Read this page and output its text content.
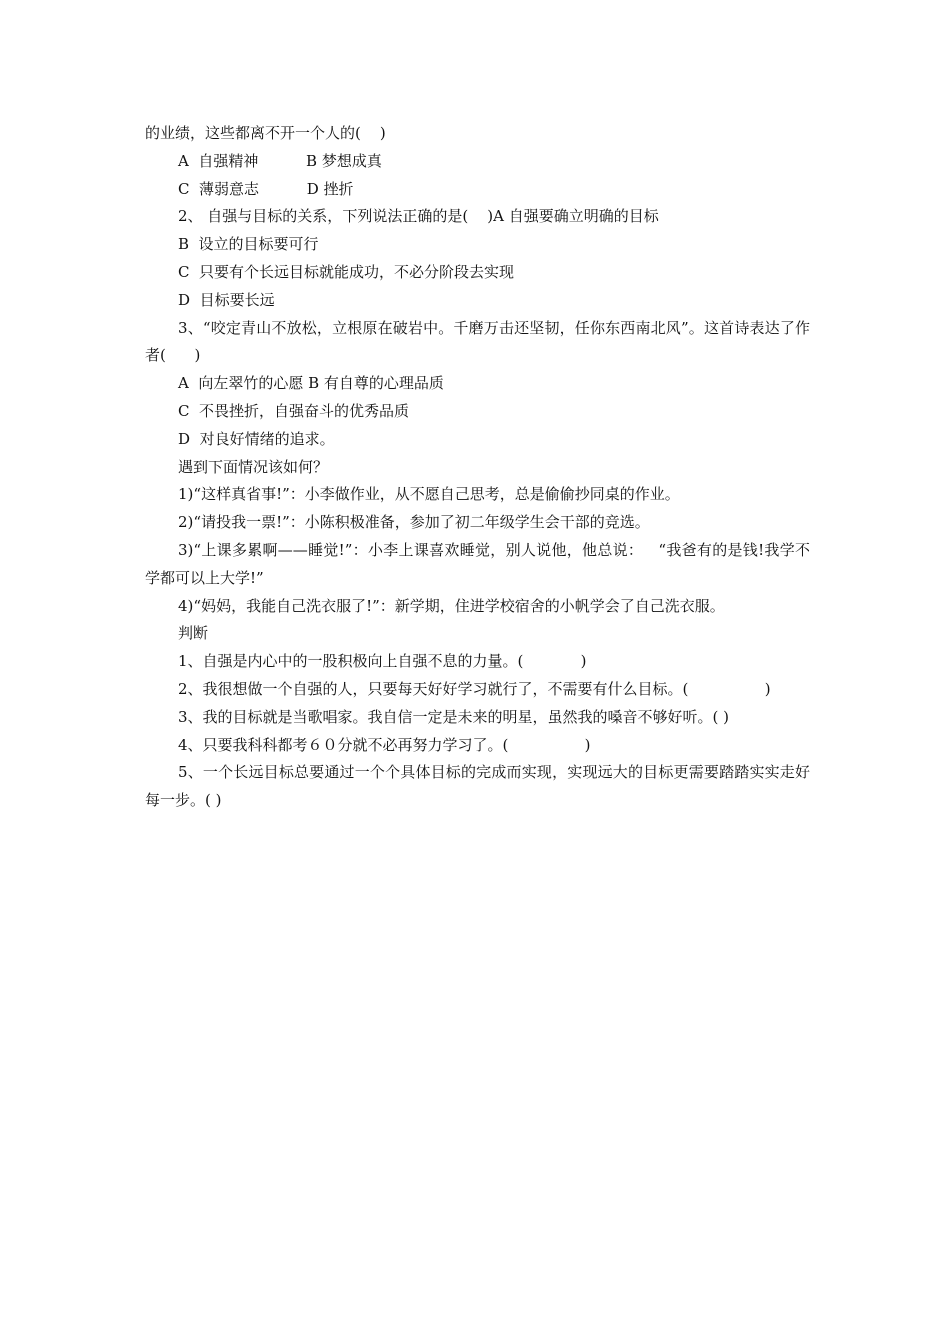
的业绩，这些都离不开一个人的(    )
A  自强精神          B 梦想成真
C  薄弱意志          D 挫折
2、 自强与目标的关系，下列说法正确的是(    )A 自强要确立明确的目标
B  设立的目标要可行
C  只要有个长远目标就能成功，不必分阶段去实现
D  目标要长远
3、“咬定青山不放松，立根原在破岩中。千磨万击还坚韧，任你东西南北风”。这首诗表达了作者(      )
A  向左翠竹的心愿 B 有自尊的心理品质
C  不畏挫折，自强奋斗的优秀品质
D  对良好情绪的追求。
遇到下面情况该如何？
1)“这样真省事!”：小李做作业，从不愿自己思考，总是偷偷抄同桌的作业。
2)“请投我一票!”：小陈积极准备，参加了初二年级学生会干部的竞选。
3)“上课多累啊——睡觉!”：小李上课喜欢睡觉，别人说他，他总说：   “我爸有的是钱!我学不学都可以上大学!”
4)“妈妈，我能自己洗衣服了!”：新学期，住进学校宿舍的小帆学会了自己洗衣服。
判断
1、自强是内心中的一股积极向上自强不息的力量。(            )
2、我很想做一个自强的人，只要每天好好学习就行了，不需要有什么目标。(                )
3、我的目标就是当歌唱家。我自信一定是未来的明星，虽然我的嗓音不够好听。( )
4、只要我科科都考６０分就不必再努力学习了。(                )
5、一个长远目标总要通过一个个具体目标的完成而实现，实现远大的目标更需要踏踏实实走好每一步。( )
